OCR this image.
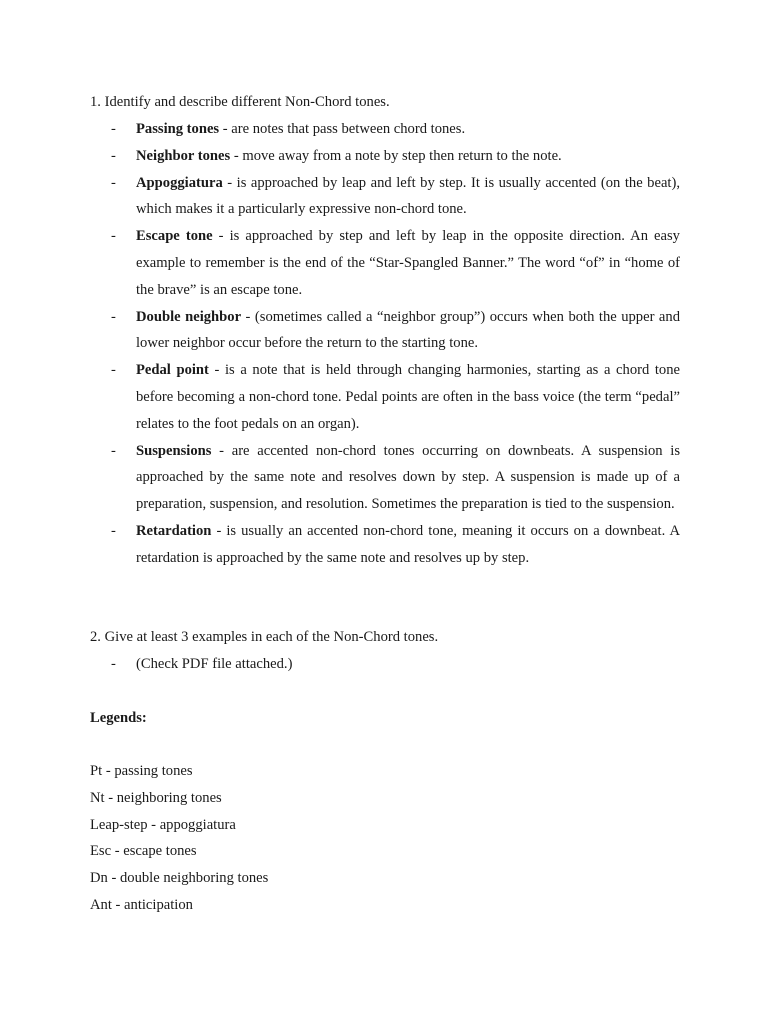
1. Identify and describe different Non-Chord tones.
- Passing tones - are notes that pass between chord tones.
- Neighbor tones - move away from a note by step then return to the note.
- Appoggiatura - is approached by leap and left by step. It is usually accented (on the beat), which makes it a particularly expressive non-chord tone.
- Escape tone - is approached by step and left by leap in the opposite direction. An easy example to remember is the end of the “Star-Spangled Banner.” The word “of” in “home of the brave” is an escape tone.
- Double neighbor - (sometimes called a “neighbor group”) occurs when both the upper and lower neighbor occur before the return to the starting tone.
- Pedal point - is a note that is held through changing harmonies, starting as a chord tone before becoming a non-chord tone. Pedal points are often in the bass voice (the term “pedal” relates to the foot pedals on an organ).
- Suspensions - are accented non-chord tones occurring on downbeats. A suspension is approached by the same note and resolves down by step. A suspension is made up of a preparation, suspension, and resolution. Sometimes the preparation is tied to the suspension.
- Retardation - is usually an accented non-chord tone, meaning it occurs on a downbeat. A retardation is approached by the same note and resolves up by step.
2. Give at least 3 examples in each of the Non-Chord tones.
- (Check PDF file attached.)
Legends:
Pt - passing tones
Nt - neighboring tones
Leap-step - appoggiatura
Esc - escape tones
Dn - double neighboring tones
Ant - anticipation
